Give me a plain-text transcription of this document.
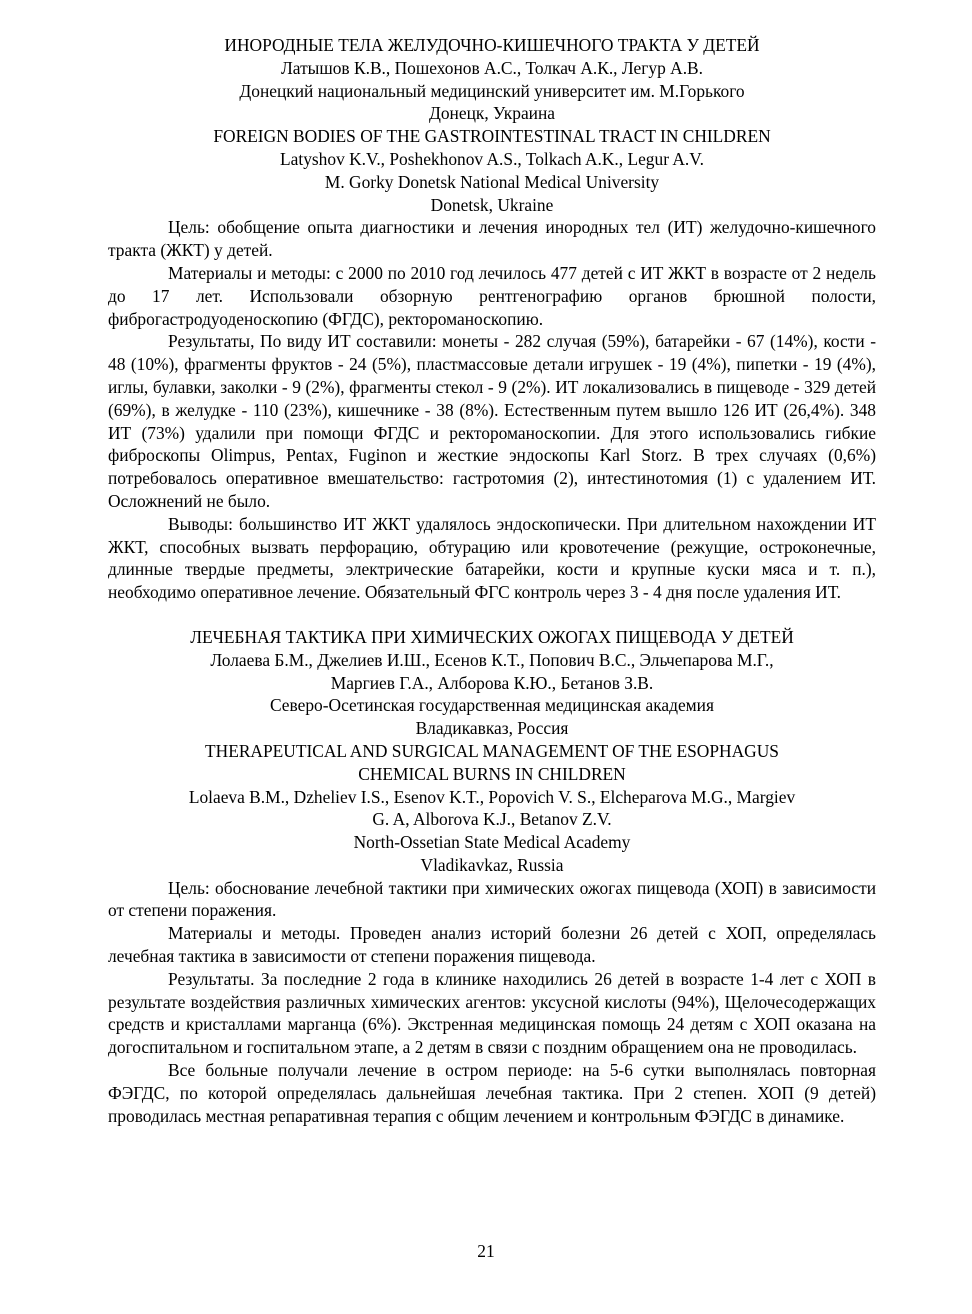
ИНОРОДНЫЕ ТЕЛА ЖЕЛУДОЧНО-КИШЕЧНОГО ТРАКТА У ДЕТЕЙ

Латышов К.В., Пошехонов А.С., Толкач А.К., Легур А.В.

Донецкий национальный медицинский университет им. М.Горького

Донецк, Украина

FOREIGN BODIES OF THE GASTROINTESTINAL TRACT IN CHILDREN

Latyshov K.V., Poshekhonov A.S., Tolkach A.K., Legur A.V.

M. Gorky Donetsk National Medical University

Donetsk, Ukraine

Цель: обобщение опыта диагностики и лечения инородных тел (ИТ) желудочно-кишечного тракта (ЖКТ) у детей.

Материалы и методы: с 2000 по 2010 год лечилось 477 детей с ИТ ЖКТ в возрасте от 2 недель до 17 лет. Использовали обзорную рентгенографию органов брюшной полости, фиброгастродуоденоскопию (ФГДС), ректороманоскопию.

Результаты, По виду ИТ составили: монеты - 282 случая (59%), батарейки - 67 (14%), кости - 48 (10%), фрагменты фруктов - 24 (5%), пластмассовые детали игрушек - 19 (4%), пипетки - 19 (4%), иглы, булавки, заколки - 9 (2%), фрагменты стекол - 9 (2%). ИТ локализовались в пищеводе - 329 детей (69%), в желудке - 110 (23%), кишечнике - 38 (8%). Естественным путем вышло 126 ИТ (26,4%). 348 ИТ (73%) удалили при помощи ФГДС и ректороманоскопии. Для этого использовались гибкие фиброскопы Olimpus, Pentax, Fuginon и жесткие эндоскопы Karl Storz. В трех случаях (0,6%) потребовалось оперативное вмешательство: гастротомия (2), интестинотомия (1) с удалением ИТ. Осложнений не было.

Выводы: большинство ИТ ЖКТ удалялось эндоскопически. При длительном нахождении ИТ ЖКТ, способных вызвать перфорацию, обтурацию или кровотечение (режущие, остроконечные, длинные твердые предметы, электрические батарейки, кости и крупные куски мяса и т. п.), необходимо оперативное лечение. Обязательный ФГС контроль через 3 - 4 дня после удаления ИТ.

ЛЕЧЕБНАЯ ТАКТИКА ПРИ ХИМИЧЕСКИХ ОЖОГАХ ПИЩЕВОДА У ДЕТЕЙ

Лолаева Б.М., Джелиев И.Ш., Есенов К.Т., Попович В.С., Эльчепарова М.Г.,

Маргиев Г.А., Алборова К.Ю., Бетанов З.В.

Северо-Осетинская государственная медицинская академия

Владикавказ, Россия

THERAPEUTICAL AND SURGICAL MANAGEMENT OF THE ESOPHAGUS

CHEMICAL BURNS IN CHILDREN

Lolaeva B.M., Dzheliev I.S., Esenov K.T., Popovich V. S., Elcheparova M.G., Margiev

G. A, Alborova K.J., Betanov Z.V.

North-Ossetian State Medical Academy

Vladikavkaz, Russia

Цель: обоснование лечебной тактики при химических ожогах пищевода (ХОП) в зависимости от степени поражения.

Материалы и методы. Проведен анализ историй болезни 26 детей с ХОП, определялась лечебная тактика в зависимости от степени поражения пищевода.

Результаты. За последние 2 года в клинике находились 26 детей в возрасте 1-4 лет с ХОП в результате воздействия различных химических агентов: уксусной кислоты (94%), Щелочесодержащих средств и кристаллами марганца (6%). Экстренная медицинская помощь 24 детям с ХОП оказана на догоспитальном и госпитальном этапе, а 2 детям в связи с поздним обращением она не проводилась.

Все больные получали лечение в остром периоде: на 5-6 сутки выполнялась повторная ФЭГДС, по которой определялась дальнейшая лечебная тактика. При 2 степен. ХОП (9 детей) проводилась местная репаративная терапия с общим лечением и контрольным ФЭГДС в динамике.

21
